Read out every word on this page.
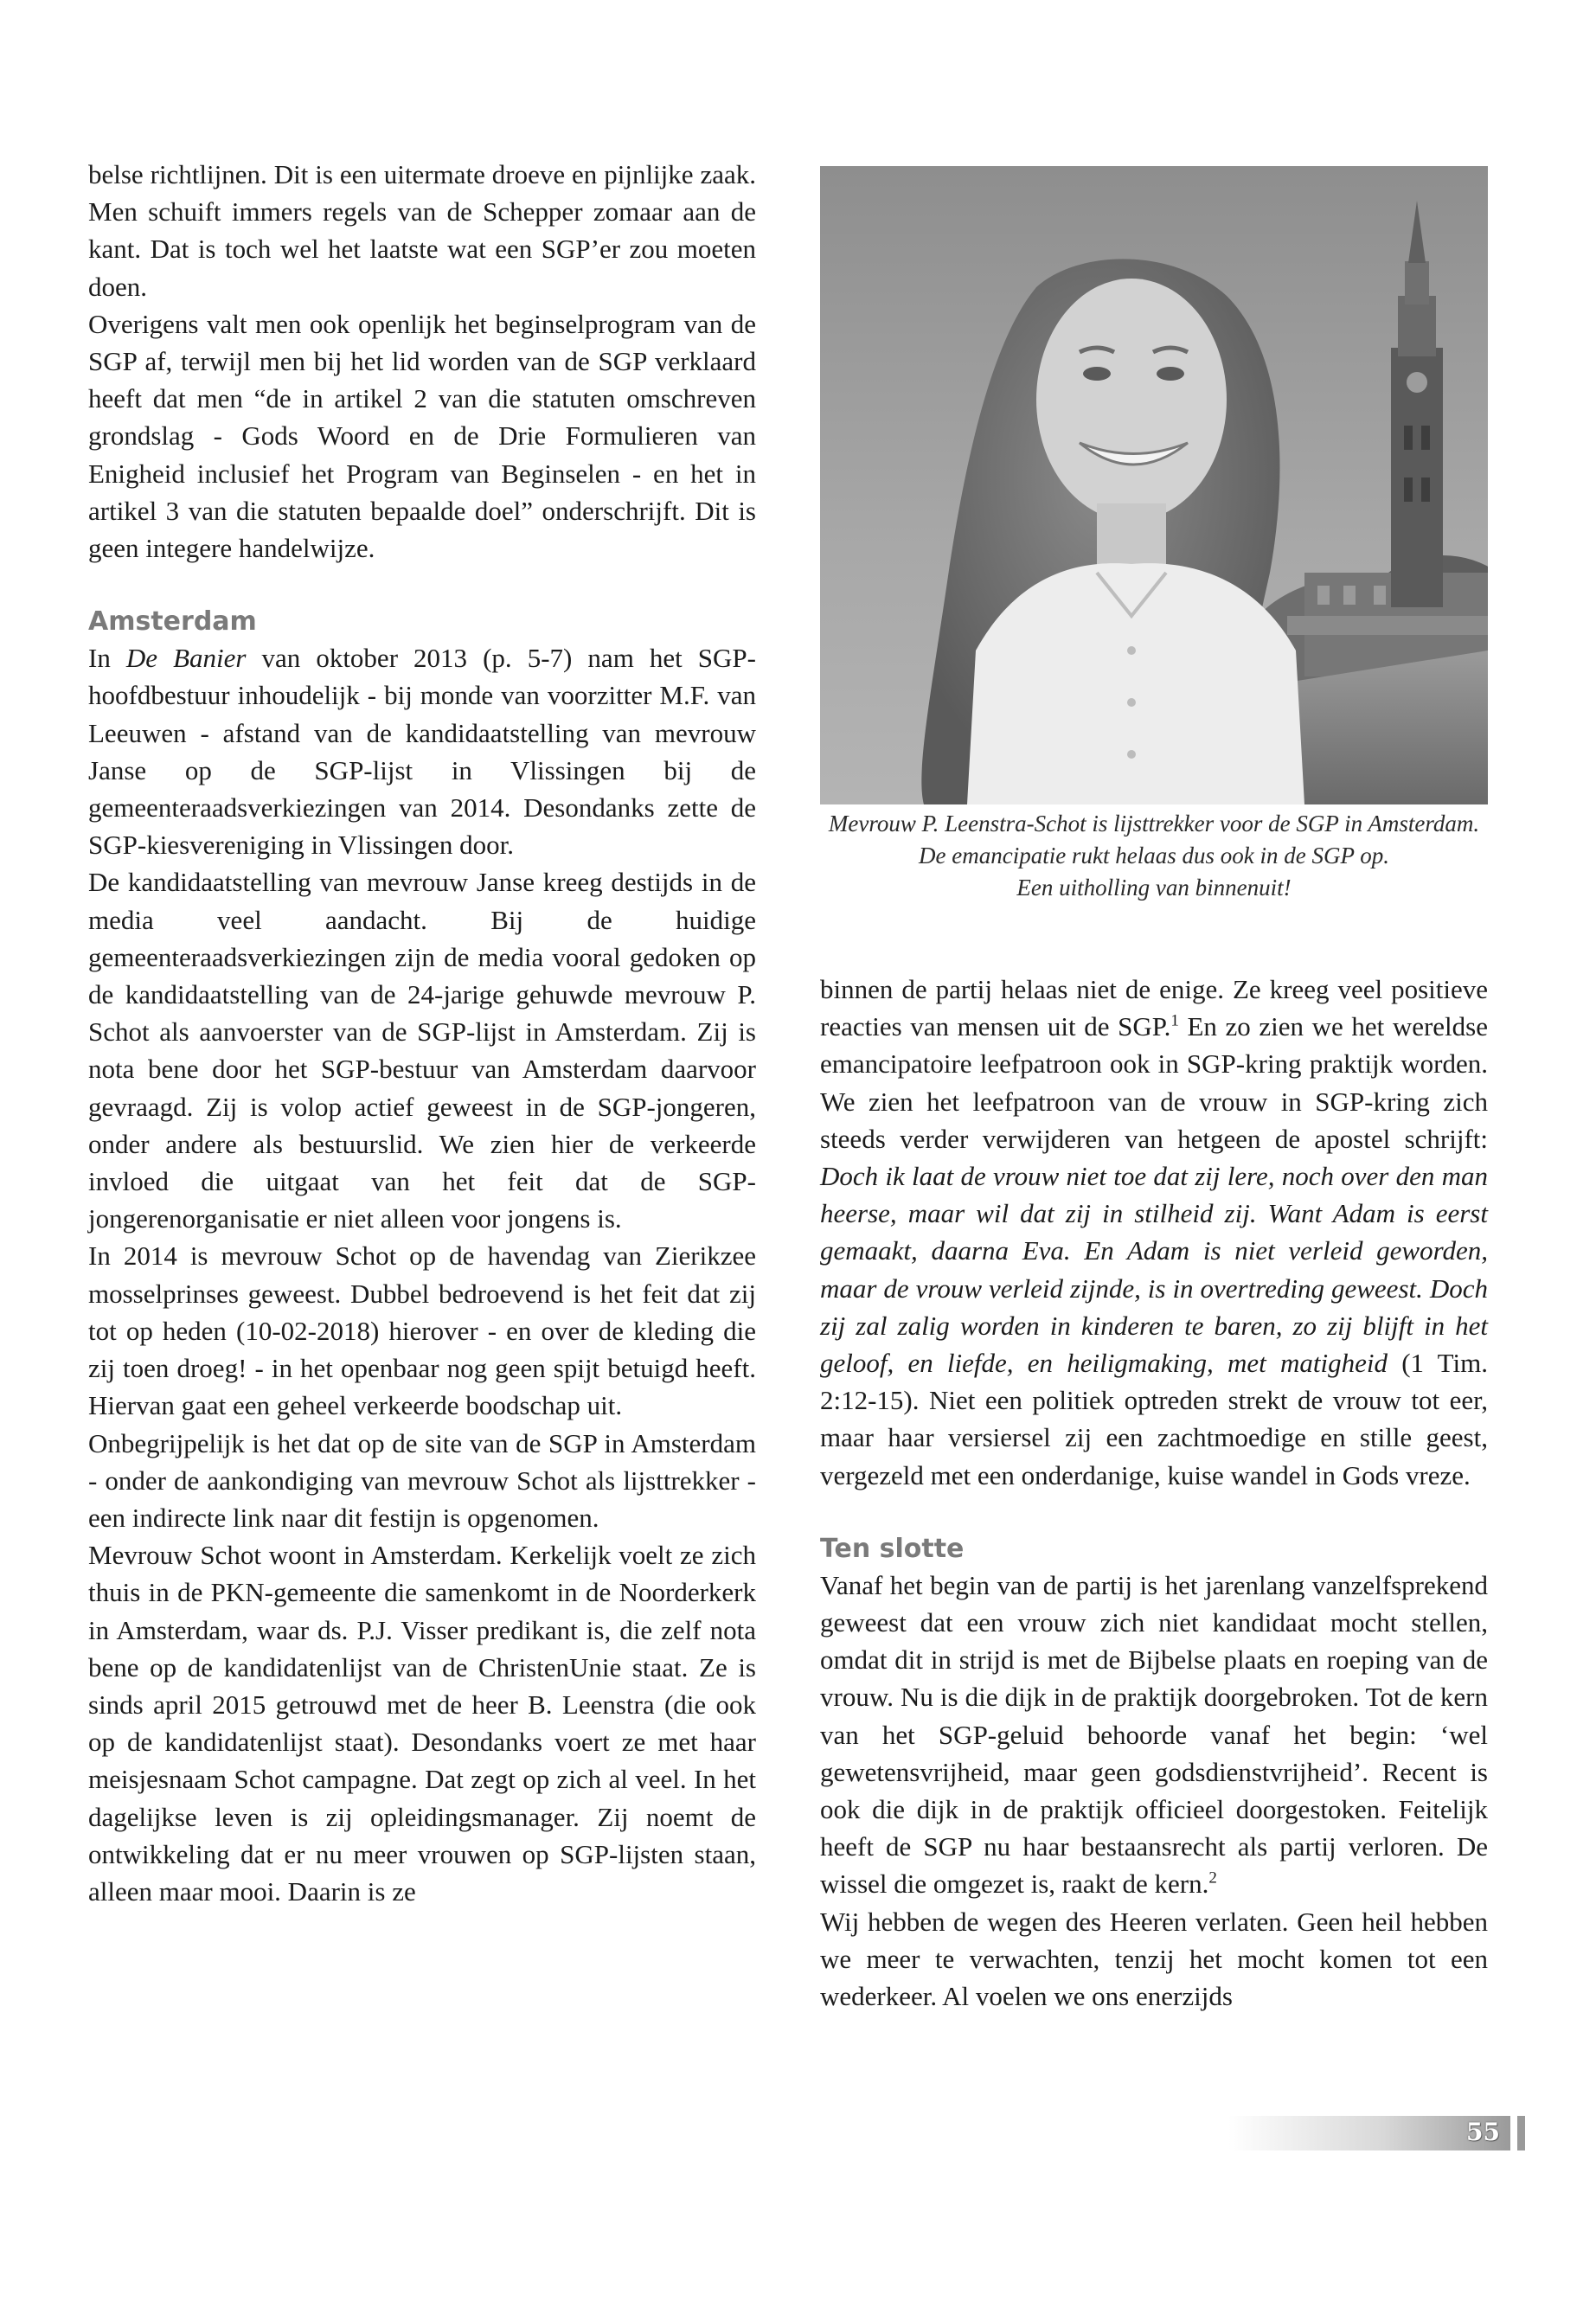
belse richtlijnen. Dit is een uitermate droeve en pijnlijke zaak. Men schuift immers regels van de Schepper zomaar aan de kant. Dat is toch wel het laatste wat een SGP’er zou moeten doen.

Overigens valt men ook openlijk het beginselprogram van de SGP af, terwijl men bij het lid worden van de SGP verklaard heeft dat men “de in artikel 2 van die statuten omschreven grondslag - Gods Woord en de Drie Formulieren van Enigheid inclusief het Program van Beginselen - en het in artikel 3 van die statuten bepaalde doel” onderschrijft. Dit is geen integere handelwijze.

Amsterdam

In De Banier van oktober 2013 (p. 5-7) nam het SGP-hoofdbestuur inhoudelijk - bij monde van voorzitter M.F. van Leeuwen - afstand van de kandidaatstelling van mevrouw Janse op de SGP-lijst in Vlissingen bij de gemeenteraadsverkiezingen van 2014. Desondanks zette de SGP-kiesvereniging in Vlissingen door.

De kandidaatstelling van mevrouw Janse kreeg destijds in de media veel aandacht. Bij de huidige gemeenteraadsverkiezingen zijn de media vooral gedoken op de kandidaatstelling van de 24-jarige gehuwde mevrouw P. Schot als aanvoerster van de SGP-lijst in Amsterdam. Zij is nota bene door het SGP-bestuur van Amsterdam daarvoor gevraagd. Zij is volop actief geweest in de SGP-jongeren, onder andere als bestuurslid. We zien hier de verkeerde invloed die uitgaat van het feit dat de SGP-jongerenorganisatie er niet alleen voor jongens is.

In 2014 is mevrouw Schot op de havendag van Zierikzee mosselprinses geweest. Dubbel bedroevend is het feit dat zij tot op heden (10-02-2018) hierover - en over de kleding die zij toen droeg! - in het openbaar nog geen spijt betuigd heeft. Hiervan gaat een geheel verkeerde boodschap uit.

Onbegrijpelijk is het dat op de site van de SGP in Amsterdam - onder de aankondiging van mevrouw Schot als lijsttrekker - een indirecte link naar dit festijn is opgenomen.

Mevrouw Schot woont in Amsterdam. Kerkelijk voelt ze zich thuis in de PKN-gemeente die samenkomt in de Noorderkerk in Amsterdam, waar ds. P.J. Visser predikant is, die zelf nota bene op de kandidatenlijst van de ChristenUnie staat. Ze is sinds april 2015 getrouwd met de heer B. Leenstra (die ook op de kandidatenlijst staat). Desondanks voert ze met haar meisjesnaam Schot campagne. Dat zegt op zich al veel. In het dagelijkse leven is zij opleidingsmanager. Zij noemt de ontwikkeling dat er nu meer vrouwen op SGP-lijsten staan, alleen maar mooi. Daarin is ze

Mevrouw P. Leenstra-Schot is lijsttrekker voor de SGP in Amsterdam. De emancipatie rukt helaas dus ook in de SGP op.

Een uitholling van binnenuit!

binnen de partij helaas niet de enige. Ze kreeg veel positieve reacties van mensen uit de SGP.$^1$ En zo zien we het wereldse emancipatoire leefpatroon ook in SGP-kring praktijk worden. We zien het leefpatroon van de vrouw in SGP-kring zich steeds verder verwijderen van hetgeen de apostel schrijft: Doch ik laat de vrouw niet toe dat zij lere, noch over den man heerse, maar wil dat zij in stilheid zij. Want Adam is eerst gemaakt, daarna Eva. En Adam is niet verleid geworden, maar de vrouw verleid zijnde, is in overtreding geweest. Doch zij zal zalig worden in kinderen te baren, zo zij blijft in het geloof, en liefde, en heiligmaking, met matigheid (1 Tim. 2:12-15). Niet een politiek optreden strekt de vrouw tot eer, maar haar versiersel zij een zachtmoedige en stille geest, vergezeld met een onderdanige, kuise wandel in Gods vreze.

Ten slotte

Vanaf het begin van de partij is het jarenlang vanzelfsprekend geweest dat een vrouw zich niet kandidaat mocht stellen, omdat dit in strijd is met de Bijbelse plaats en roeping van de vrouw. Nu is die dijk in de praktijk doorgebroken. Tot de kern van het SGP-geluid behoorde vanaf het begin: ‘wel gewetensvrijheid, maar geen godsdienstvrijheid’. Recent is ook die dijk in de praktijk officieel doorgestoken. Feitelijk heeft de SGP nu haar bestaansrecht als partij verloren. De wissel die omgezet is, raakt de kern.$^2$

Wij hebben de wegen des Heeren verlaten. Geen heil hebben we meer te verwachten, tenzij het mocht komen tot een wederkeer. Al voelen we ons enerzijds

55
